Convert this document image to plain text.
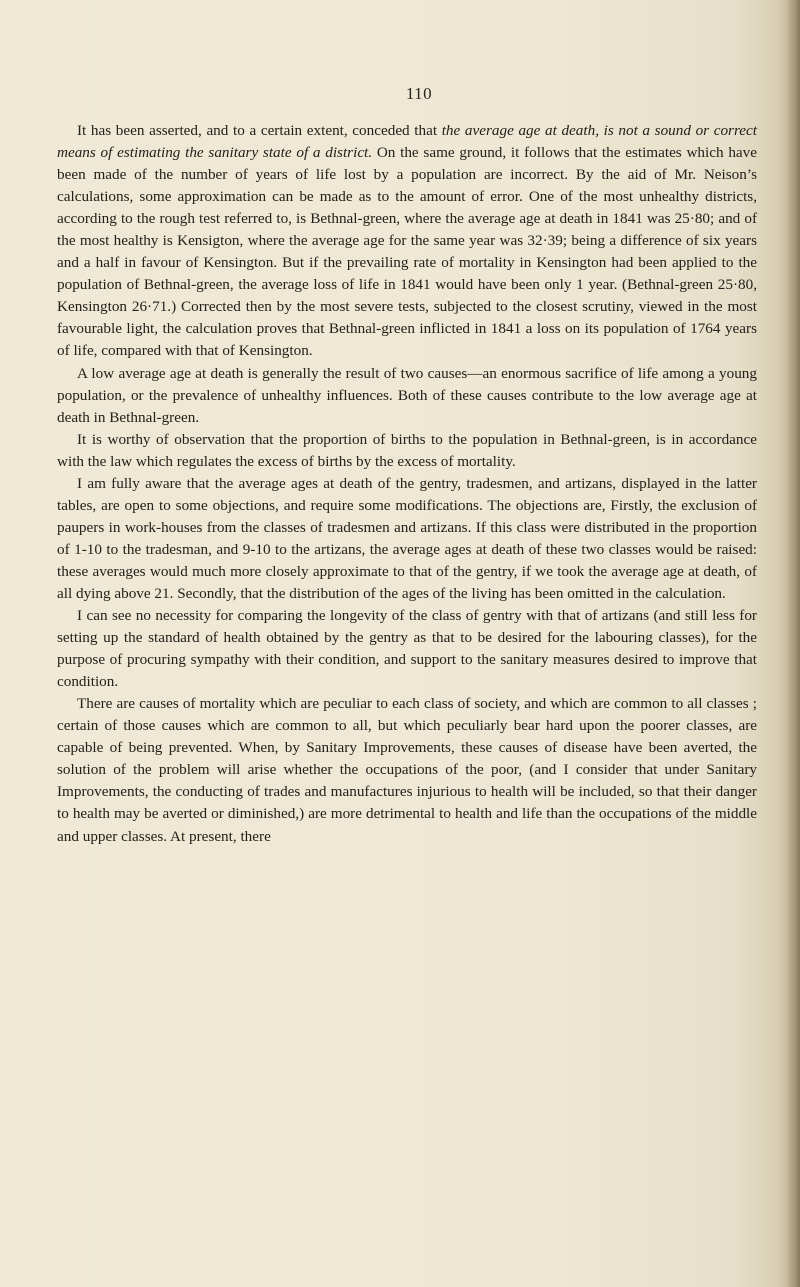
110

It has been asserted, and to a certain extent, conceded that the average age at death, is not a sound or correct means of estimating the sanitary state of a district. On the same ground, it follows that the estimates which have been made of the number of years of life lost by a population are incorrect. By the aid of Mr. Neison’s calculations, some approximation can be made as to the amount of error. One of the most unhealthy districts, according to the rough test referred to, is Bethnal-green, where the average age at death in 1841 was 25·80; and of the most healthy is Kensigton, where the average age for the same year was 32·39; being a difference of six years and a half in favour of Kensington. But if the prevailing rate of mortality in Kensington had been applied to the population of Bethnal-green, the average loss of life in 1841 would have been only 1 year. (Bethnal-green 25·80, Kensington 26·71.) Corrected then by the most severe tests, subjected to the closest scrutiny, viewed in the most favourable light, the calculation proves that Bethnal-green inflicted in 1841 a loss on its population of 1764 years of life, compared with that of Kensington.

A low average age at death is generally the result of two causes—an enormous sacrifice of life among a young population, or the prevalence of unhealthy influences. Both of these causes contribute to the low average age at death in Bethnal-green.

It is worthy of observation that the proportion of births to the population in Bethnal-green, is in accordance with the law which regulates the excess of births by the excess of mortality.

I am fully aware that the average ages at death of the gentry, tradesmen, and artizans, displayed in the latter tables, are open to some objections, and require some modifications. The objections are, Firstly, the exclusion of paupers in work-houses from the classes of tradesmen and artizans. If this class were distributed in the proportion of 1-10 to the tradesman, and 9-10 to the artizans, the average ages at death of these two classes would be raised: these averages would much more closely approximate to that of the gentry, if we took the average age at death, of all dying above 21. Secondly, that the distribution of the ages of the living has been omitted in the calculation.

I can see no necessity for comparing the longevity of the class of gentry with that of artizans (and still less for setting up the standard of health obtained by the gentry as that to be desired for the labouring classes), for the purpose of procuring sympathy with their condition, and support to the sanitary measures desired to improve that condition.

There are causes of mortality which are peculiar to each class of society, and which are common to all classes ; certain of those causes which are common to all, but which peculiarly bear hard upon the poorer classes, are capable of being prevented. When, by Sanitary Improvements, these causes of disease have been averted, the solution of the problem will arise whether the occupations of the poor, (and I consider that under Sanitary Improvements, the conducting of trades and manufactures injurious to health will be included, so that their danger to health may be averted or diminished,) are more detrimental to health and life than the occupations of the middle and upper classes. At present, there
